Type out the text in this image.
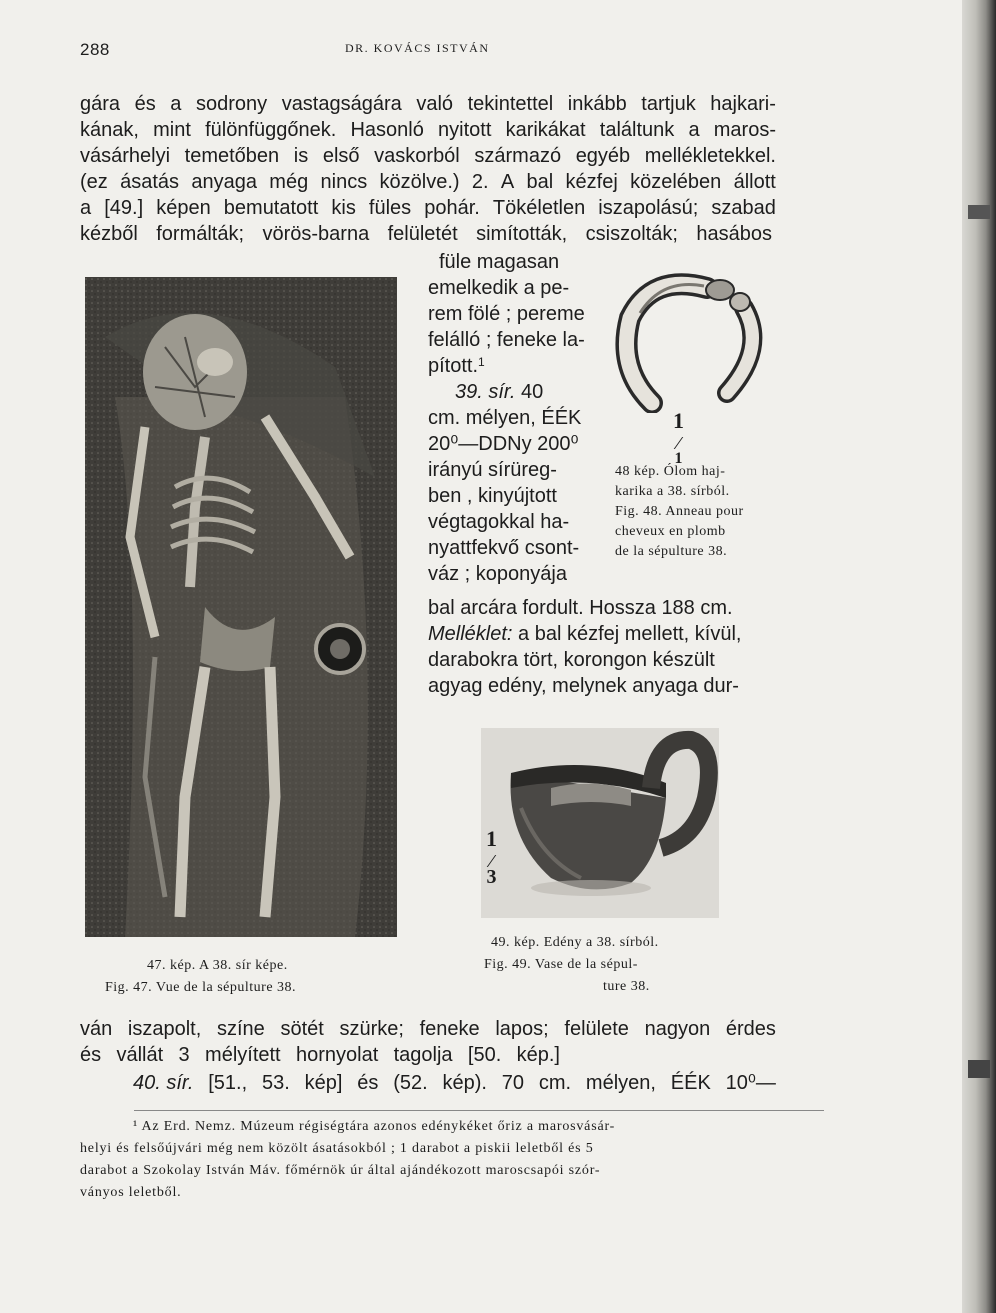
288	DR. KOVÁCS ISTVÁN
gára és a sodrony vastagságára való tekintettel inkább tartjuk hajkari-
kának, mint fülönfüggőnek. Hasonló nyitott karikákat találtunk a maros-
vásárhelyi temetőben is első vaskorból származó egyéb mellékletekkel.
(ez ásatás anyaga még nincs közölve.) 2. A bal kézfej közelében állott
a [49.] képen bemutatott kis füles pohár. Tökéletlen iszapolású; szabad
kézből formálták; vörös-barna felületét simították, csiszolták; hasábos
füle magasan
emelkedik a pe-
rem fölé ; pereme
felálló ; feneke la-
pított.$^1$
39. sír. 40
cm. mélyen, ÉÉK
20⁰—DDNy 200⁰
irányú sírüreg-
ben , kinyújtott
végtagokkal ha-
nyattfekvő csont-
váz ; koponyája
1
⁄
1
48 kép. Ólom haj-
karika a 38. sírból.
Fig. 48. Anneau pour
cheveux en plomb
de la sépulture 38.
bal arcára fordult. Hossza 188 cm.
Melléklet: a bal kézfej mellett, kívül,
darabokra tört, korongon készült
agyag edény, melynek anyaga dur-
1
⁄
3
49. kép. Edény a 38. sírból.
Fig. 49. Vase de la sépul-
ture 38.
47. kép. A 38. sír képe.
Fig. 47. Vue de la sépulture 38.
ván iszapolt, színe sötét szürke; feneke lapos; felülete nagyon érdes
és vállát 3 mélyített hornyolat tagolja [50. kép.]
40. sír. [51., 53. kép] és (52. kép). 70 cm. mélyen, ÉÉK 10⁰—
¹ Az Erd. Nemz. Múzeum régiségtára azonos edénykéket őriz a marosvásár-
helyi és felsőújvári még nem közölt ásatásokból ; 1 darabot a piskii leletből és 5
darabot a Szokolay István Máv. főmérnök úr által ajándékozott maroscsapói szór-
ványos leletből.
